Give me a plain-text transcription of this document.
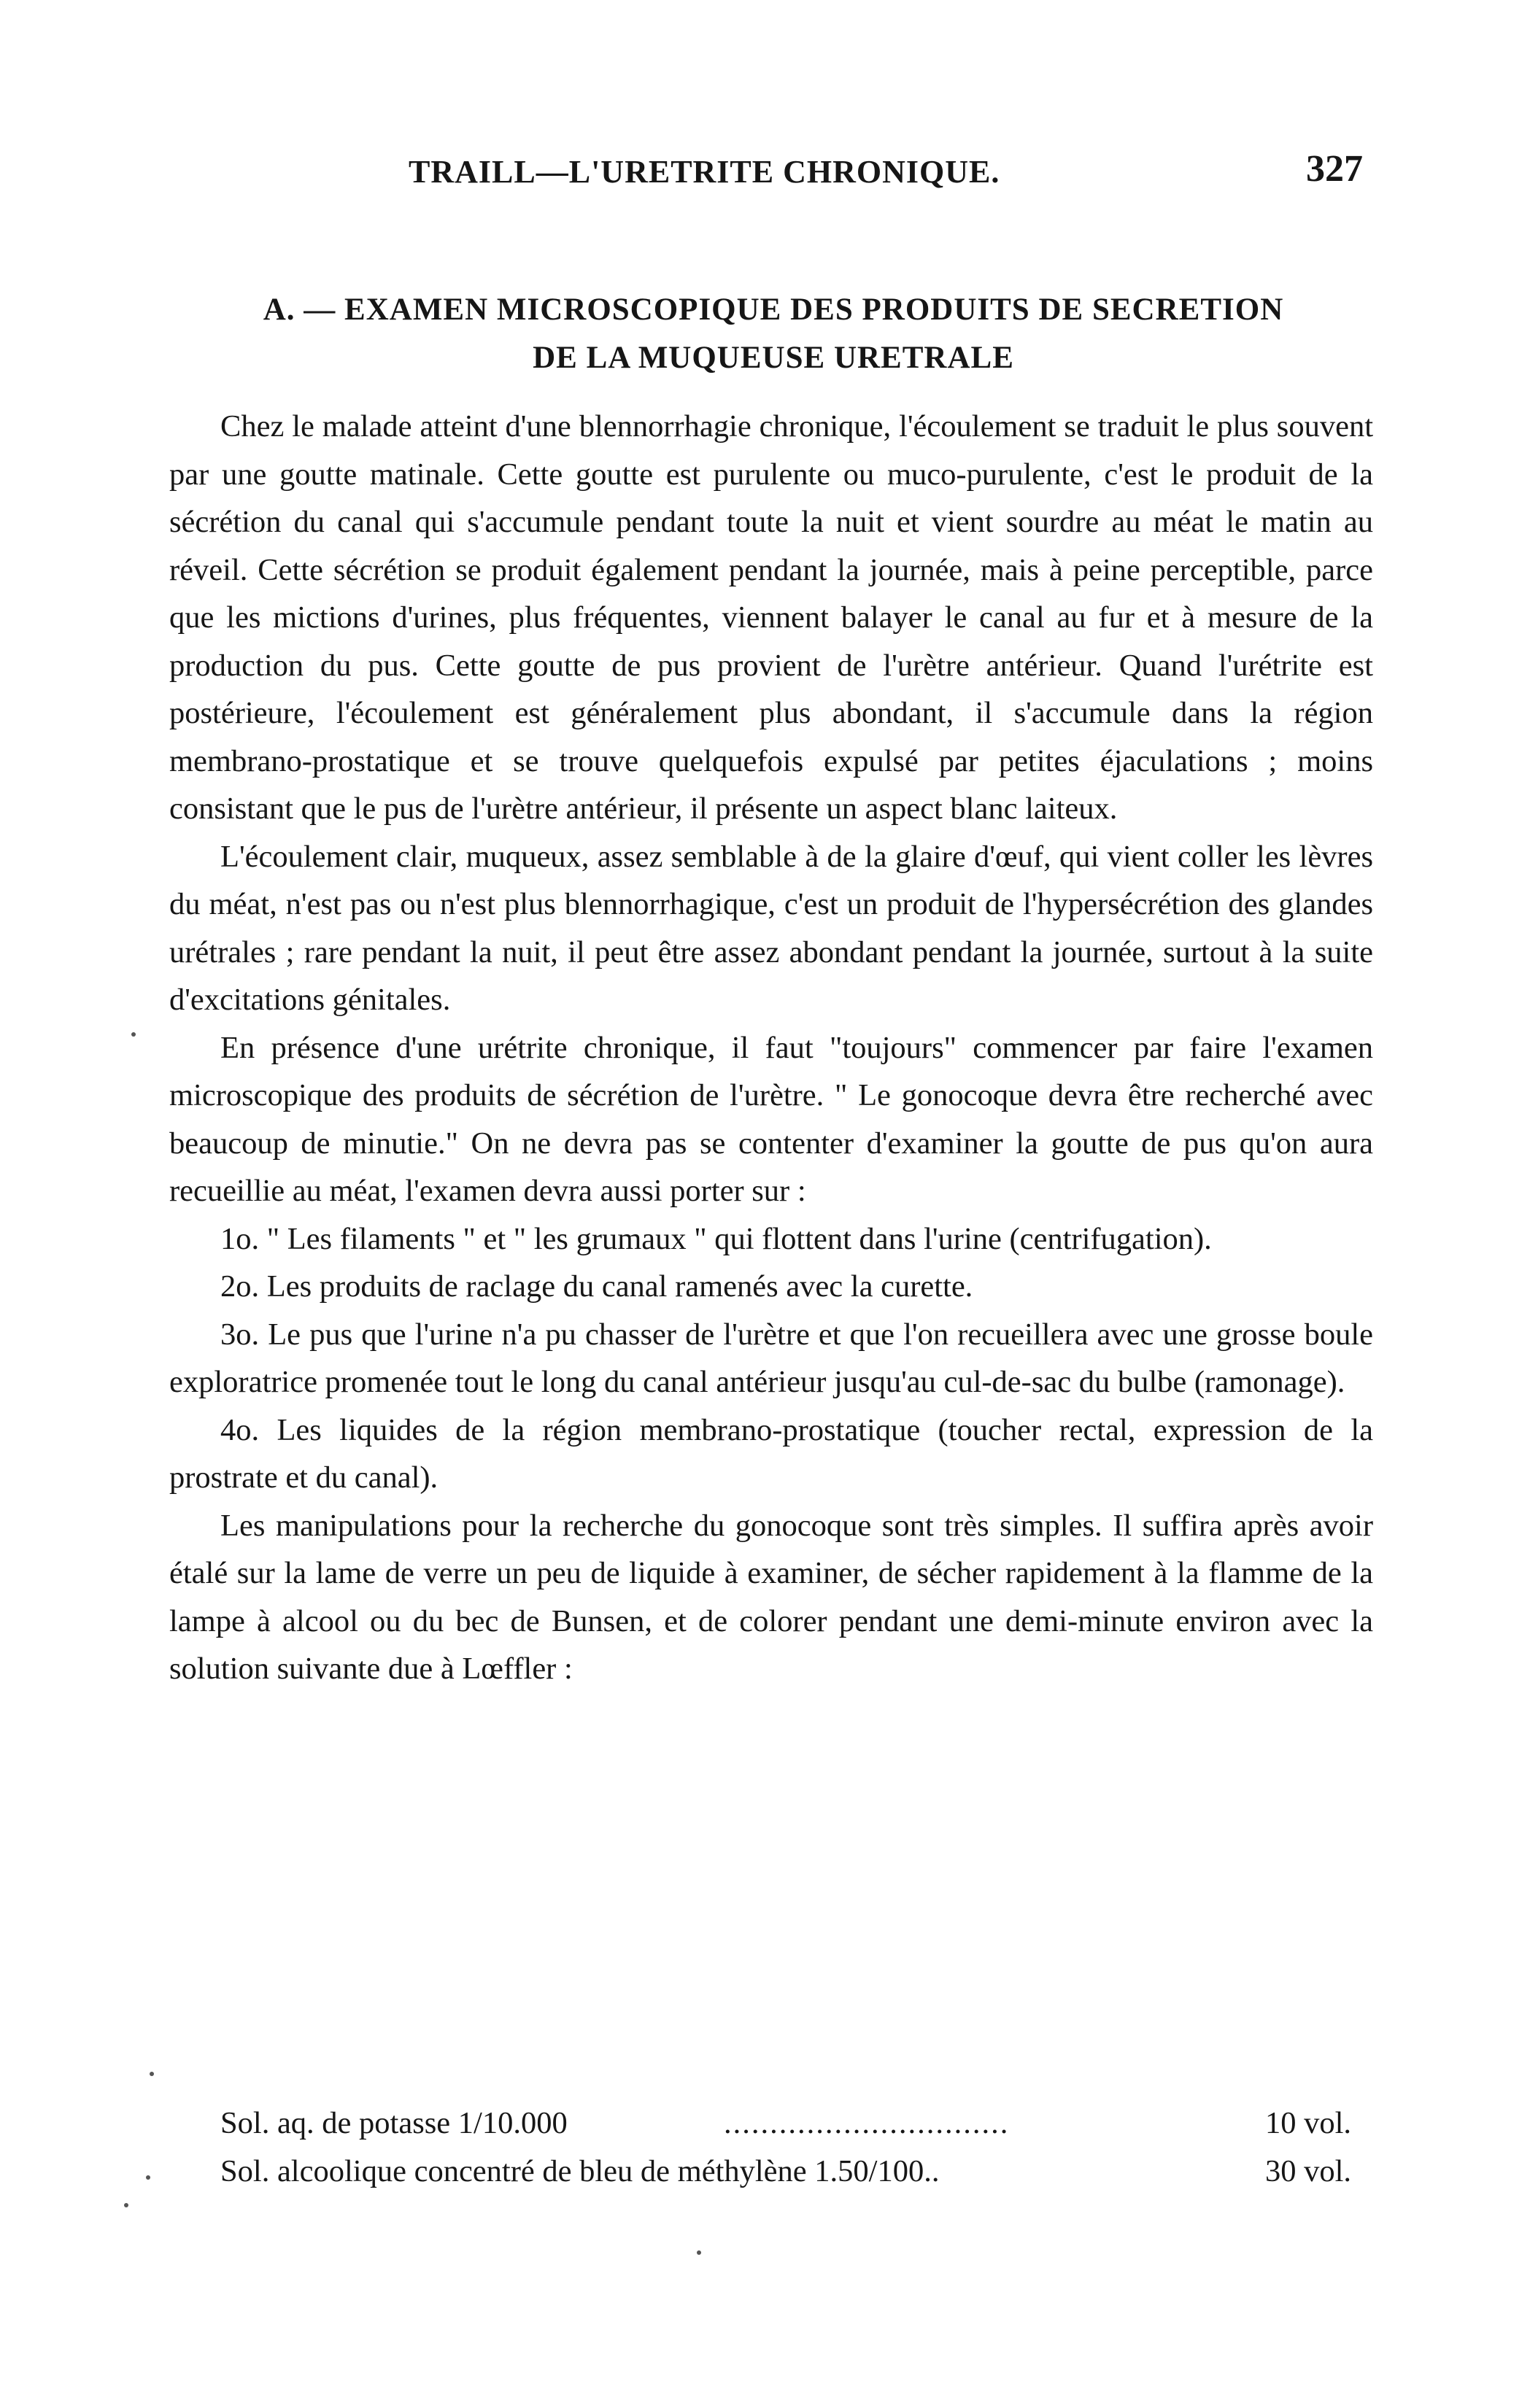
TRAILL—L'URETRITE CHRONIQUE.	327
A. — EXAMEN MICROSCOPIQUE DES PRODUITS DE SECRETION
DE LA MUQUEUSE URETRALE

Chez le malade atteint d'une blennorrhagie chronique, l'écoulement se traduit le plus souvent par une goutte matinale. Cette goutte est purulente ou muco-purulente, c'est le produit de la sécrétion du canal qui s'accumule pendant toute la nuit et vient sourdre au méat le matin au réveil. Cette sécrétion se produit également pendant la journée, mais à peine perceptible, parce que les mictions d'urines, plus fréquentes, viennent balayer le canal au fur et à mesure de la production du pus. Cette goutte de pus provient de l'urètre antérieur. Quand l'urétrite est postérieure, l'écoulement est généralement plus abondant, il s'accumule dans la région membrano-prostatique et se trouve quelquefois expulsé par petites éjaculations ; moins consistant que le pus de l'urètre antérieur, il présente un aspect blanc laiteux.

L'écoulement clair, muqueux, assez semblable à de la glaire d'œuf, qui vient coller les lèvres du méat, n'est pas ou n'est plus blennorrhagique, c'est un produit de l'hypersécrétion des glandes urétrales ; rare pendant la nuit, il peut être assez abondant pendant la journée, surtout à la suite d'excitations génitales.

En présence d'une urétrite chronique, il faut "toujours" commencer par faire l'examen microscopique des produits de sécrétion de l'urètre. " Le gonocoque devra être recherché avec beaucoup de minutie." On ne devra pas se contenter d'examiner la goutte de pus qu'on aura recueillie au méat, l'examen devra aussi porter sur :

1o. " Les filaments " et " les grumaux " qui flottent dans l'urine (centrifugation).

2o. Les produits de raclage du canal ramenés avec la curette.

3o. Le pus que l'urine n'a pu chasser de l'urètre et que l'on recueillera avec une grosse boule exploratrice promenée tout le long du canal antérieur jusqu'au cul-de-sac du bulbe (ramonage).

4o. Les liquides de la région membrano-prostatique (toucher rectal, expression de la prostrate et du canal).

Les manipulations pour la recherche du gonocoque sont très simples. Il suffira après avoir étalé sur la lame de verre un peu de liquide à examiner, de sécher rapidement à la flamme de la lampe à alcool ou du bec de Bunsen, et de colorer pendant une demi-minute environ avec la solution suivante due à Lœffler :

Sol. aq. de potasse 1/10.000	...............................	10 vol.
Sol. alcoolique concentré de bleu de méthylène 1.50/100..	30 vol.
